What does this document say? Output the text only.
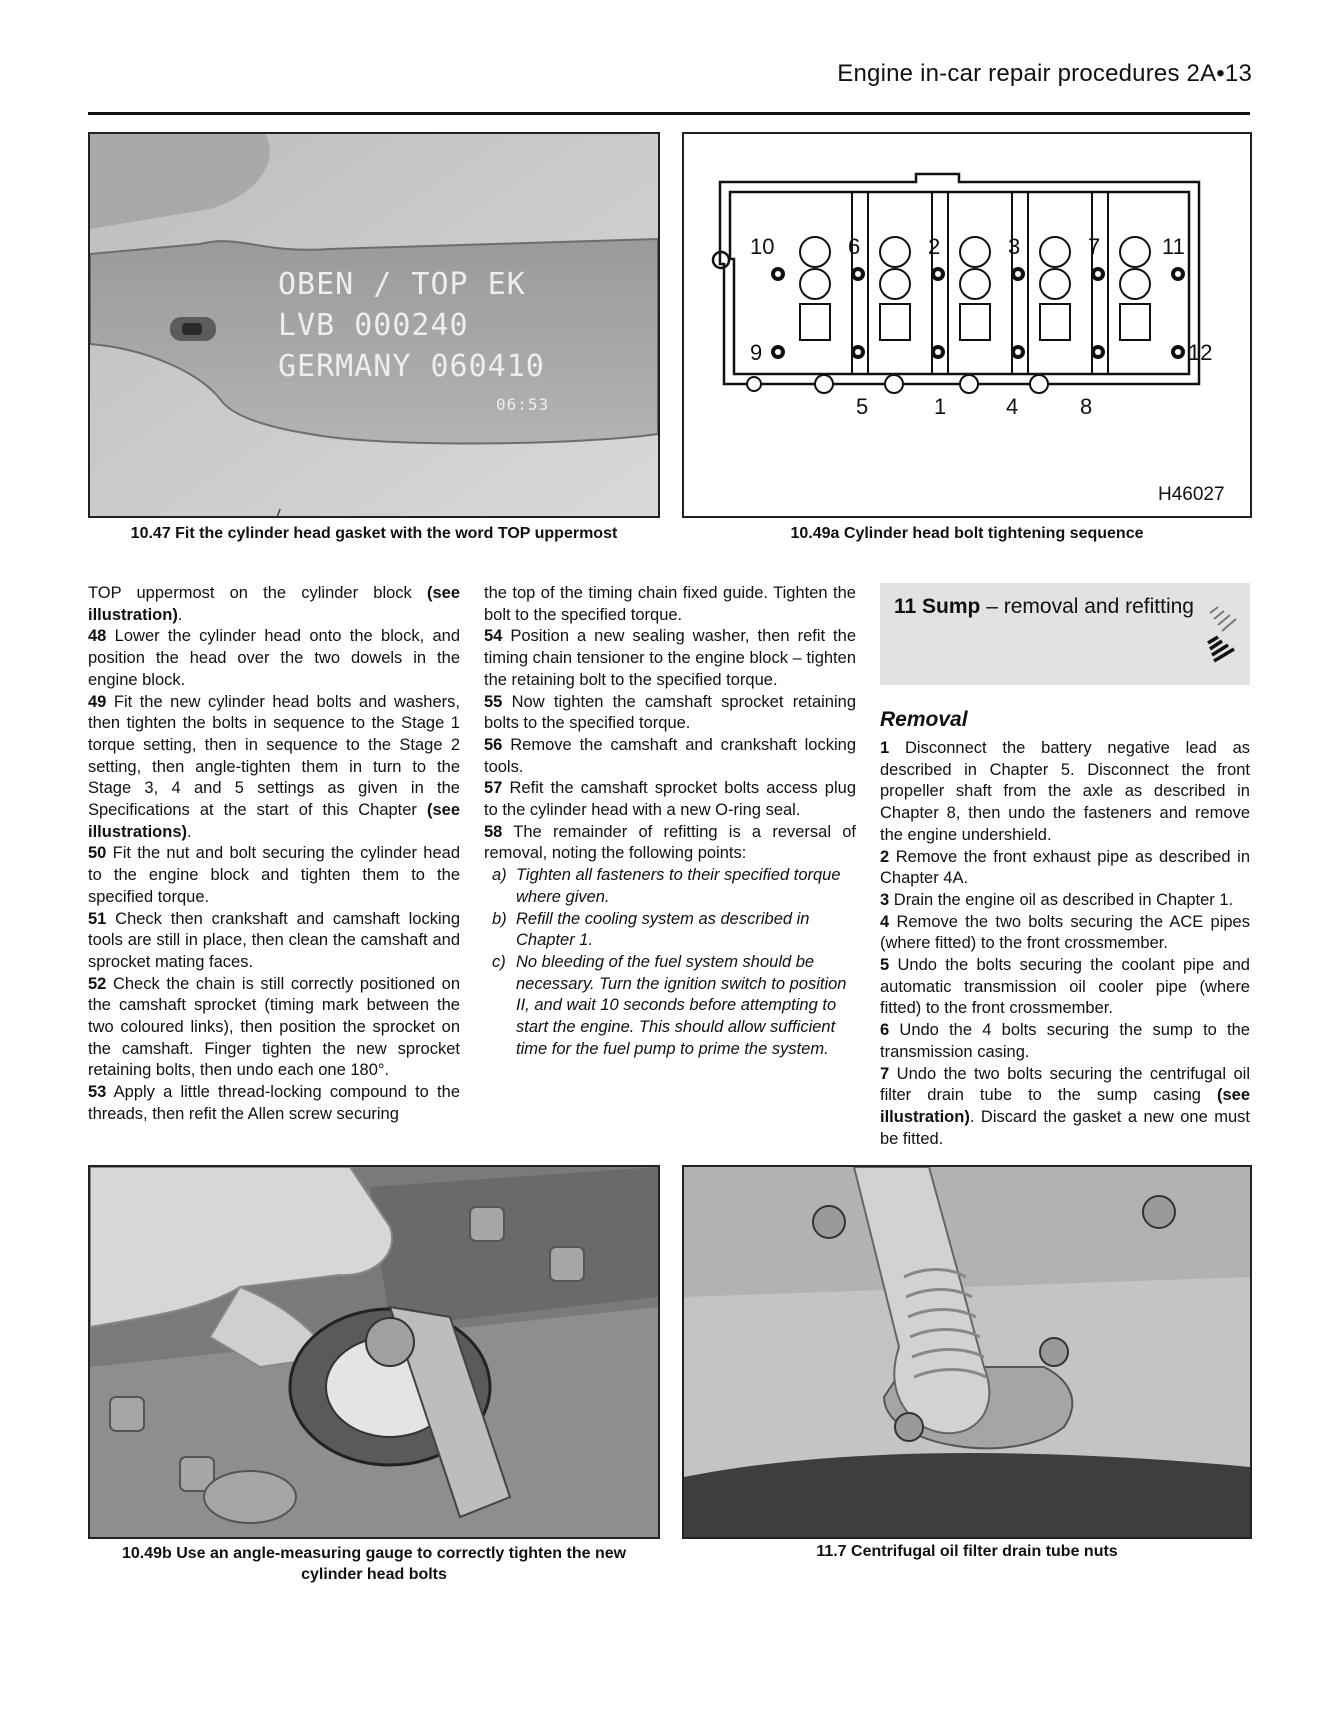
Engine in-car repair procedures 2A•13
OBEN / TOP EK
LVB 000240
GERMANY 060410
06:53
10.47 Fit the cylinder head gasket with the word TOP uppermost
10	6	2	3	7	11
9	12
5	1	4	8
H46027
10.49a Cylinder head bolt tightening sequence

TOP uppermost on the cylinder block (see illustration).

48 Lower the cylinder head onto the block, and position the head over the two dowels in the engine block.

49 Fit the new cylinder head bolts and washers, then tighten the bolts in sequence to the Stage 1 torque setting, then in sequence to the Stage 2 setting, then angle-tighten them in turn to the Stage 3, 4 and 5 settings as given in the Specifications at the start of this Chapter (see illustrations).

50 Fit the nut and bolt securing the cylinder head to the engine block and tighten them to the specified torque.

51 Check then crankshaft and camshaft locking tools are still in place, then clean the camshaft and sprocket mating faces.

52 Check the chain is still correctly positioned on the camshaft sprocket (timing mark between the two coloured links), then position the sprocket on the camshaft. Finger tighten the new sprocket retaining bolts, then undo each one 180°.

53 Apply a little thread-locking compound to the threads, then refit the Allen screw securing

the top of the timing chain fixed guide. Tighten the bolt to the specified torque.

54 Position a new sealing washer, then refit the timing chain tensioner to the engine block – tighten the retaining bolt to the specified torque.

55 Now tighten the camshaft sprocket retaining bolts to the specified torque.

56 Remove the camshaft and crankshaft locking tools.

57 Refit the camshaft sprocket bolts access plug to the cylinder head with a new O-ring seal.

58 The remainder of refitting is a reversal of removal, noting the following points:

a) Tighten all fasteners to their specified torque where given.
b) Refill the cooling system as described in Chapter 1.
c) No bleeding of the fuel system should be necessary. Turn the ignition switch to position II, and wait 10 seconds before attempting to start the engine. This should allow sufficient time for the fuel pump to prime the system.
11 Sump – removal and refitting
Removal

1 Disconnect the battery negative lead as described in Chapter 5. Disconnect the front propeller shaft from the axle as described in Chapter 8, then undo the fasteners and remove the engine undershield.

2 Remove the front exhaust pipe as described in Chapter 4A.

3 Drain the engine oil as described in Chapter 1.

4 Remove the two bolts securing the ACE pipes (where fitted) to the front crossmember.

5 Undo the bolts securing the coolant pipe and automatic transmission oil cooler pipe (where fitted) to the front crossmember.

6 Undo the 4 bolts securing the sump to the transmission casing.

7 Undo the two bolts securing the centrifugal oil filter drain tube to the sump casing (see illustration). Discard the gasket a new one must be fitted.

10.49b Use an angle-measuring gauge to correctly tighten the new
cylinder head bolts
11.7 Centrifugal oil filter drain tube nuts
